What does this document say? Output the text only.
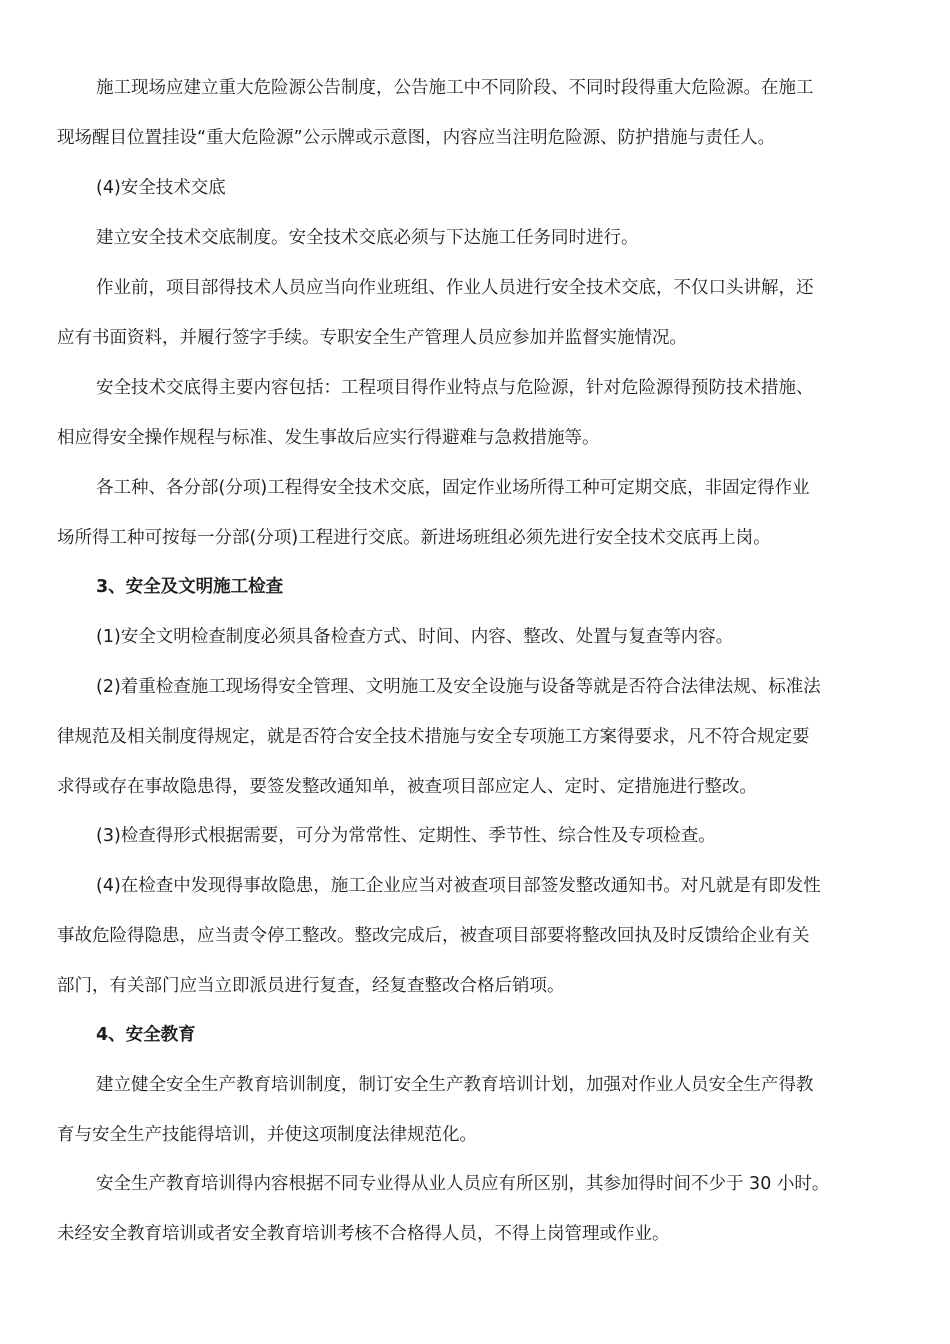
施工现场应建立重大危险源公告制度，公告施工中不同阶段、不同时段得重大危险源。在施工
现场醒目位置挂设“重大危险源”公示牌或示意图，内容应当注明危险源、防护措施与责任人。
(4)安全技术交底
建立安全技术交底制度。安全技术交底必须与下达施工任务同时进行。
作业前，项目部得技术人员应当向作业班组、作业人员进行安全技术交底，不仅口头讲解，还
应有书面资料，并履行签字手续。专职安全生产管理人员应参加并监督实施情况。
安全技术交底得主要内容包括：工程项目得作业特点与危险源，针对危险源得预防技术措施、
相应得安全操作规程与标准、发生事故后应实行得避难与急救措施等。
各工种、各分部(分项)工程得安全技术交底，固定作业场所得工种可定期交底，非固定得作业
场所得工种可按每一分部(分项)工程进行交底。新进场班组必须先进行安全技术交底再上岗。
3、安全及文明施工检查
(1)安全文明检查制度必须具备检查方式、时间、内容、整改、处置与复查等内容。
(2)着重检查施工现场得安全管理、文明施工及安全设施与设备等就是否符合法律法规、标准法
律规范及相关制度得规定，就是否符合安全技术措施与安全专项施工方案得要求，凡不符合规定要
求得或存在事故隐患得，要签发整改通知单，被查项目部应定人、定时、定措施进行整改。
(3)检查得形式根据需要，可分为常常性、定期性、季节性、综合性及专项检查。
(4)在检查中发现得事故隐患，施工企业应当对被查项目部签发整改通知书。对凡就是有即发性
事故危险得隐患，应当责令停工整改。整改完成后，被查项目部要将整改回执及时反馈给企业有关
部门，有关部门应当立即派员进行复查，经复查整改合格后销项。
4、安全教育
建立健全安全生产教育培训制度，制订安全生产教育培训计划，加强对作业人员安全生产得教
育与安全生产技能得培训，并使这项制度法律规范化。
安全生产教育培训得内容根据不同专业得从业人员应有所区别，其参加得时间不少于 30 小时。
未经安全教育培训或者安全教育培训考核不合格得人员，不得上岗管理或作业。
